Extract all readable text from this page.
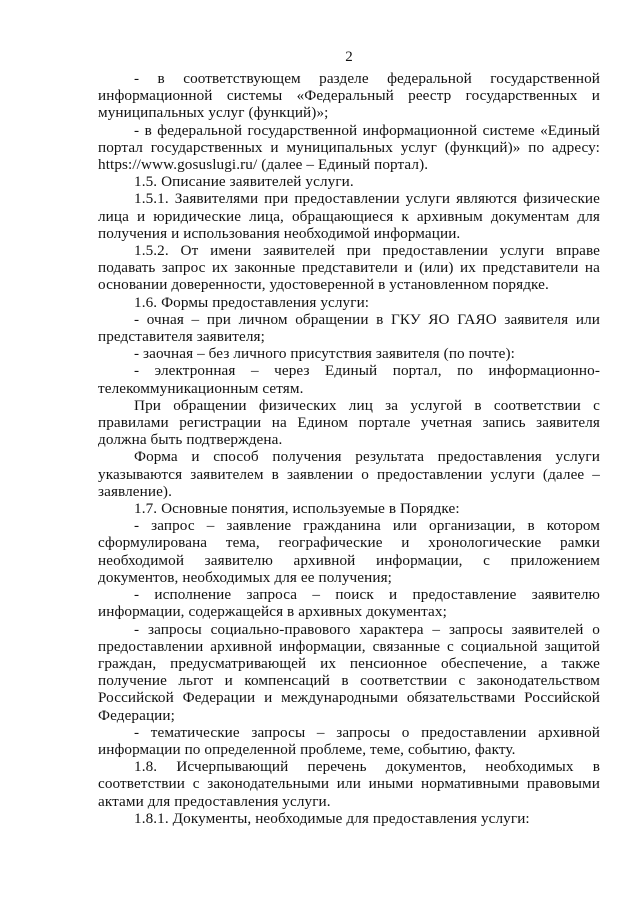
2

- в соответствующем разделе федеральной государственной информационной системы «Федеральный реестр государственных и муниципальных услуг (функций)»;

- в федеральной государственной информационной системе «Единый портал государственных и муниципальных услуг (функций)» по адресу: https://www.gosuslugi.ru/ (далее – Единый портал).

1.5. Описание заявителей услуги.

1.5.1. Заявителями при предоставлении услуги являются физические лица и юридические лица, обращающиеся к архивным документам для получения и использования необходимой информации.

1.5.2. От имени заявителей при предоставлении услуги вправе подавать запрос их законные представители и (или) их представители на основании доверенности, удостоверенной в установленном порядке.

1.6. Формы предоставления услуги:

- очная – при личном обращении в ГКУ ЯО ГАЯО заявителя или представителя заявителя;

- заочная – без личного присутствия заявителя (по почте):

- электронная – через Единый портал, по информационно-телекоммуникационным сетям.

При обращении физических лиц за услугой в соответствии с правилами регистрации на Едином портале учетная запись заявителя должна быть подтверждена.

Форма и способ получения результата предоставления услуги указываются заявителем в заявлении о предоставлении услуги (далее – заявление).

1.7. Основные понятия, используемые в Порядке:

- запрос – заявление гражданина или организации, в котором сформулирована тема, географические и хронологические рамки необходимой заявителю архивной информации, с приложением документов, необходимых для ее получения;

- исполнение запроса – поиск и предоставление заявителю информации, содержащейся в архивных документах;

- запросы социально-правового характера – запросы заявителей о предоставлении архивной информации, связанные с социальной защитой граждан, предусматривающей их пенсионное обеспечение, а также получение льгот и компенсаций в соответствии с законодательством Российской Федерации и международными обязательствами Российской Федерации;

- тематические запросы – запросы о предоставлении архивной информации по определенной проблеме, теме, событию, факту.

1.8. Исчерпывающий перечень документов, необходимых в соответствии с законодательными или иными нормативными правовыми актами для предоставления услуги.

1.8.1. Документы, необходимые для предоставления услуги:
